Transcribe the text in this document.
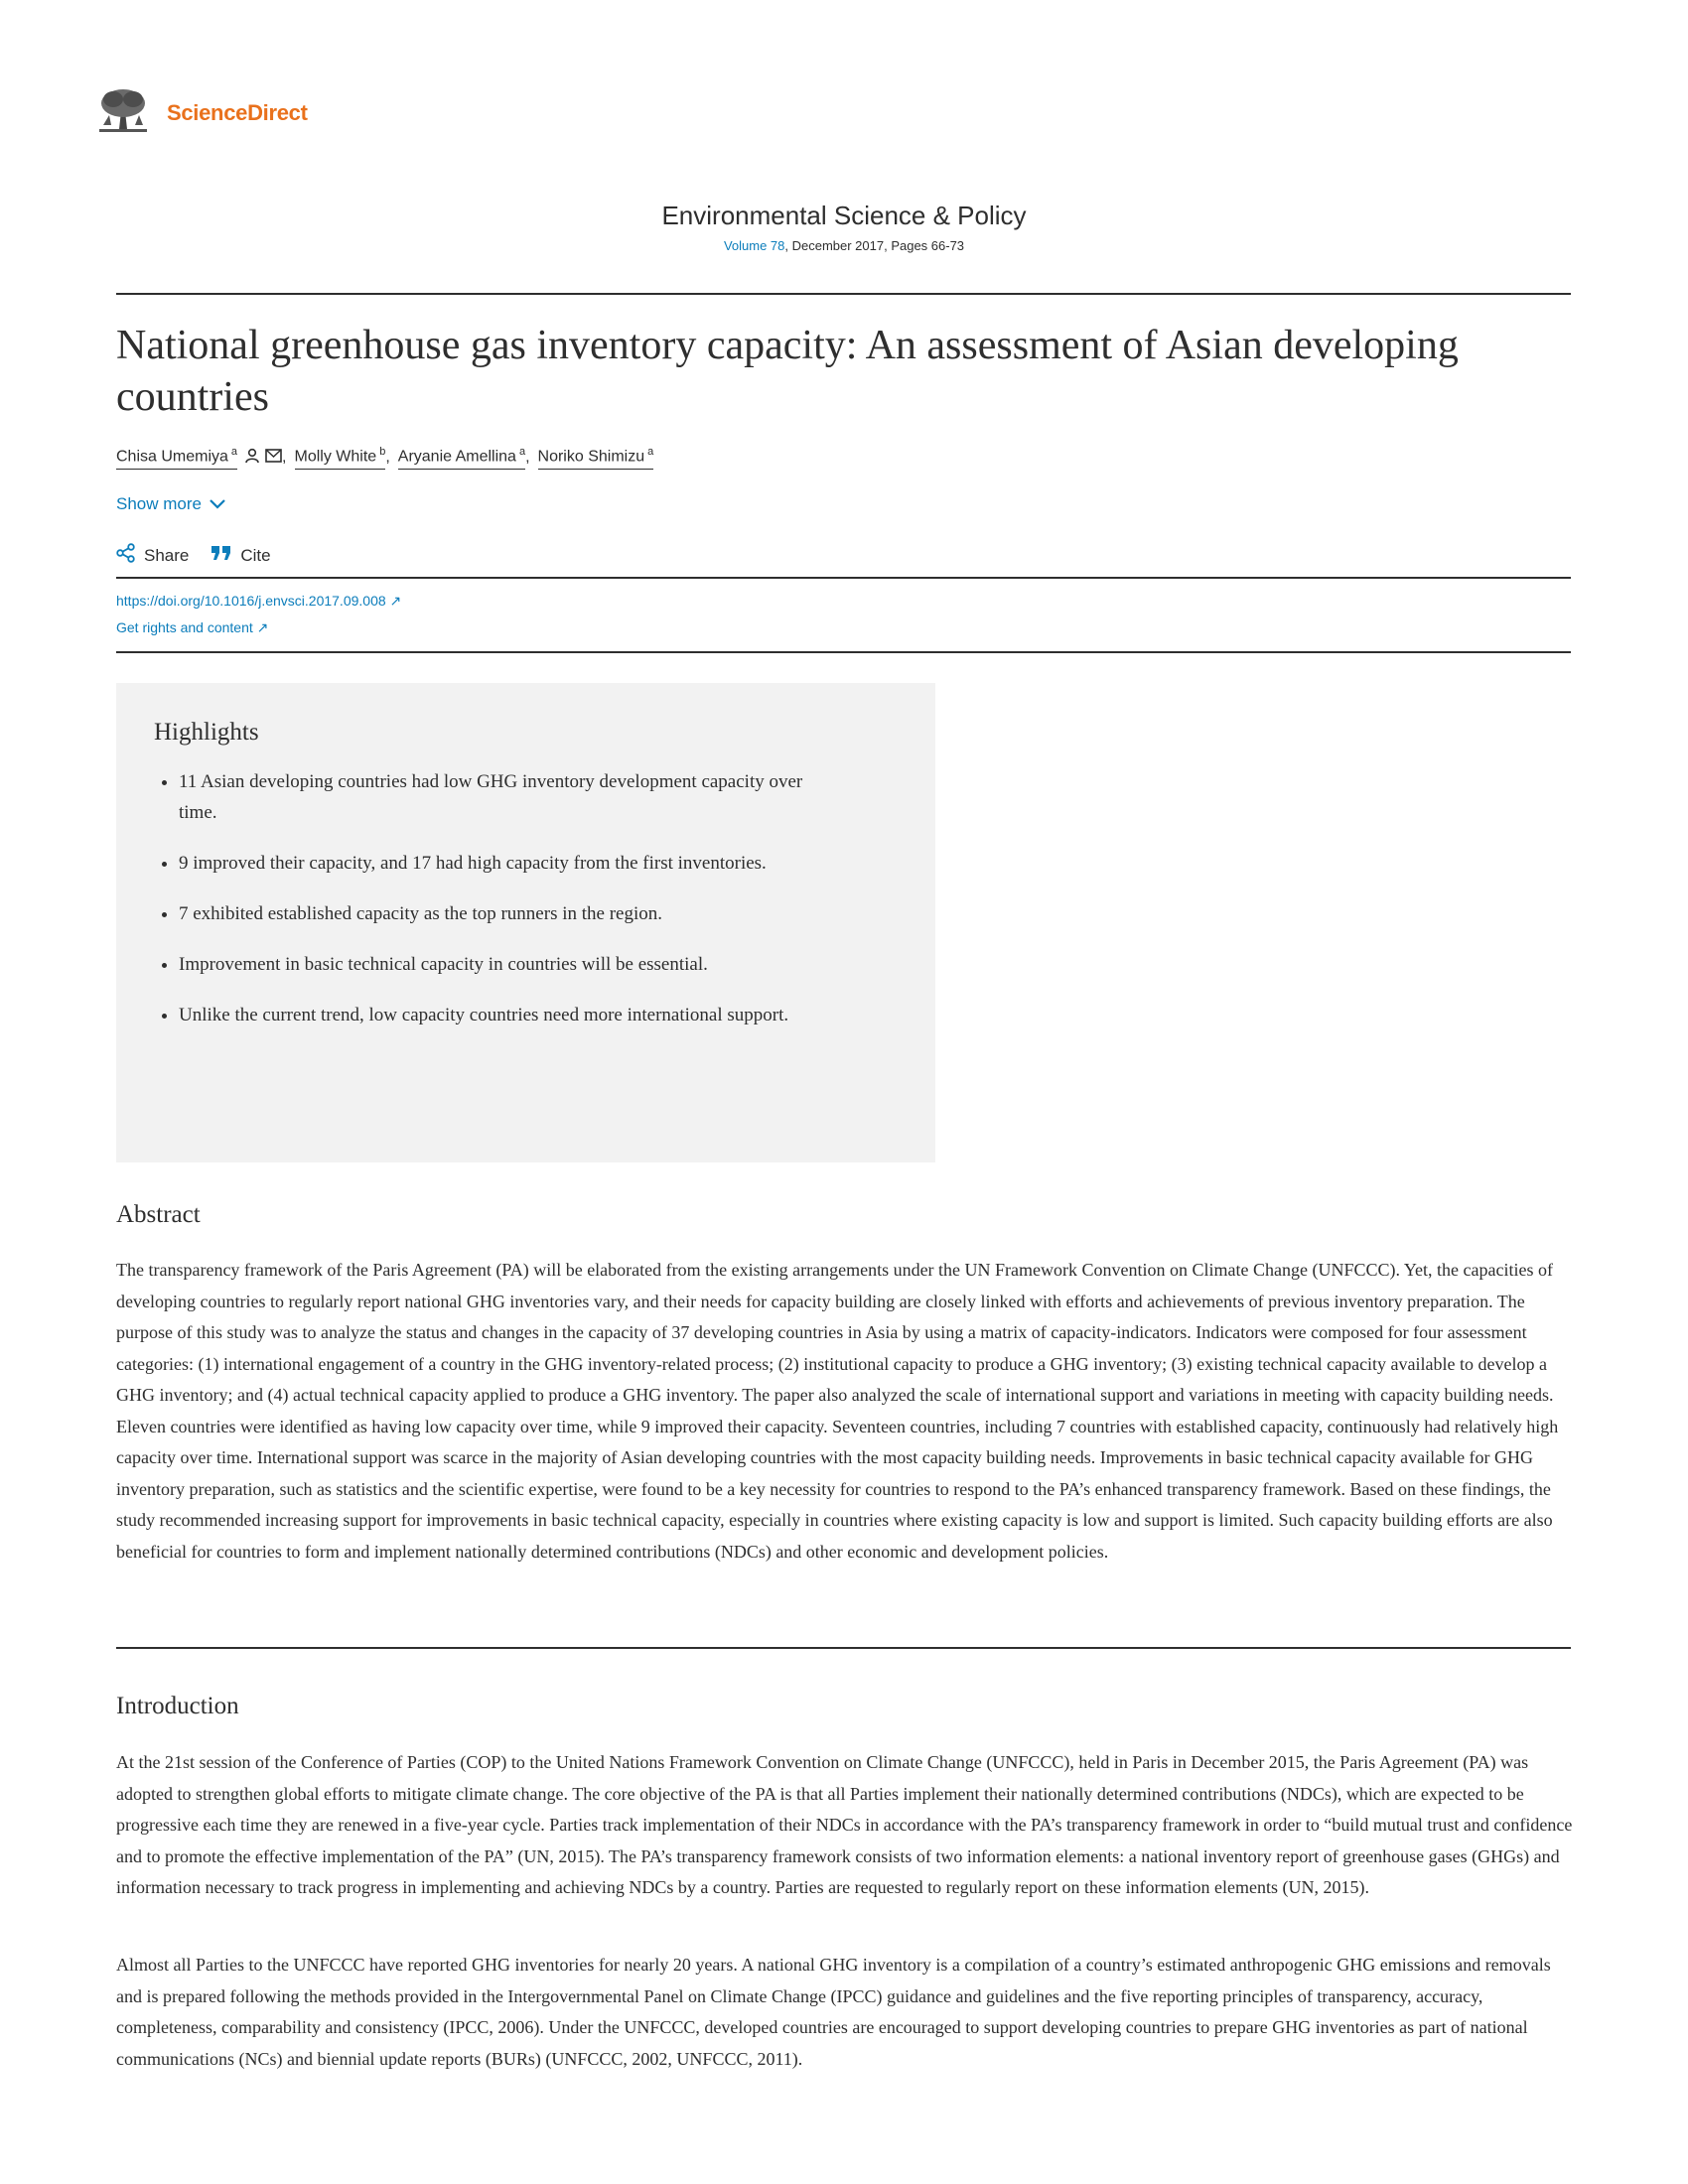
ScienceDirect
Environmental Science & Policy
Volume 78, December 2017, Pages 66-73
National greenhouse gas inventory capacity: An assessment of Asian developing countries
Chisa Umemiya $^a$	, Molly White $^b$ , Aryanie Amellina $^a$ , Noriko Shimizu $^a$
Show more
Share	Cite
https://doi.org/10.1016/j.envsci.2017.09.008 ↗
Get rights and content ↗
Highlights
• 11 Asian developing countries had low GHG inventory development capacity over time.
• 9 improved their capacity, and 17 had high capacity from the first inventories.
• 7 exhibited established capacity as the top runners in the region.
• Improvement in basic technical capacity in countries will be essential.
• Unlike the current trend, low capacity countries need more international support.
Abstract

The transparency framework of the Paris Agreement (PA) will be elaborated from the existing arrangements under the UN Framework Convention on Climate Change (UNFCCC). Yet, the capacities of developing countries to regularly report national GHG inventories vary, and their needs for capacity building are closely linked with efforts and achievements of previous inventory preparation. The purpose of this study was to analyze the status and changes in the capacity of 37 developing countries in Asia by using a matrix of capacity-indicators. Indicators were composed for four assessment categories: (1) international engagement of a country in the GHG inventory-related process; (2) institutional capacity to produce a GHG inventory; (3) existing technical capacity available to develop a GHG inventory; and (4) actual technical capacity applied to produce a GHG inventory. The paper also analyzed the scale of international support and variations in meeting with capacity building needs. Eleven countries were identified as having low capacity over time, while 9 improved their capacity. Seventeen countries, including 7 countries with established capacity, continuously had relatively high capacity over time. International support was scarce in the majority of Asian developing countries with the most capacity building needs. Improvements in basic technical capacity available for GHG inventory preparation, such as statistics and the scientific expertise, were found to be a key necessity for countries to respond to the PA’s enhanced transparency framework. Based on these findings, the study recommended increasing support for improvements in basic technical capacity, especially in countries where existing capacity is low and support is limited. Such capacity building efforts are also beneficial for countries to form and implement nationally determined contributions (NDCs) and other economic and development policies.

Introduction

At the 21st session of the Conference of Parties (COP) to the United Nations Framework Convention on Climate Change (UNFCCC), held in Paris in December 2015, the Paris Agreement (PA) was adopted to strengthen global efforts to mitigate climate change. The core objective of the PA is that all Parties implement their nationally determined contributions (NDCs), which are expected to be progressive each time they are renewed in a five-year cycle. Parties track implementation of their NDCs in accordance with the PA’s transparency framework in order to “build mutual trust and confidence and to promote the effective implementation of the PA” (UN, 2015). The PA’s transparency framework consists of two information elements: a national inventory report of greenhouse gases (GHGs) and information necessary to track progress in implementing and achieving NDCs by a country. Parties are requested to regularly report on these information elements (UN, 2015).

Almost all Parties to the UNFCCC have reported GHG inventories for nearly 20 years. A national GHG inventory is a compilation of a country’s estimated anthropogenic GHG emissions and removals and is prepared following the methods provided in the Intergovernmental Panel on Climate Change (IPCC) guidance and guidelines and the five reporting principles of transparency, accuracy, completeness, comparability and consistency (IPCC, 2006). Under the UNFCCC, developed countries are encouraged to support developing countries to prepare GHG inventories as part of national communications (NCs) and biennial update reports (BURs) (UNFCCC, 2002, UNFCCC, 2011).
